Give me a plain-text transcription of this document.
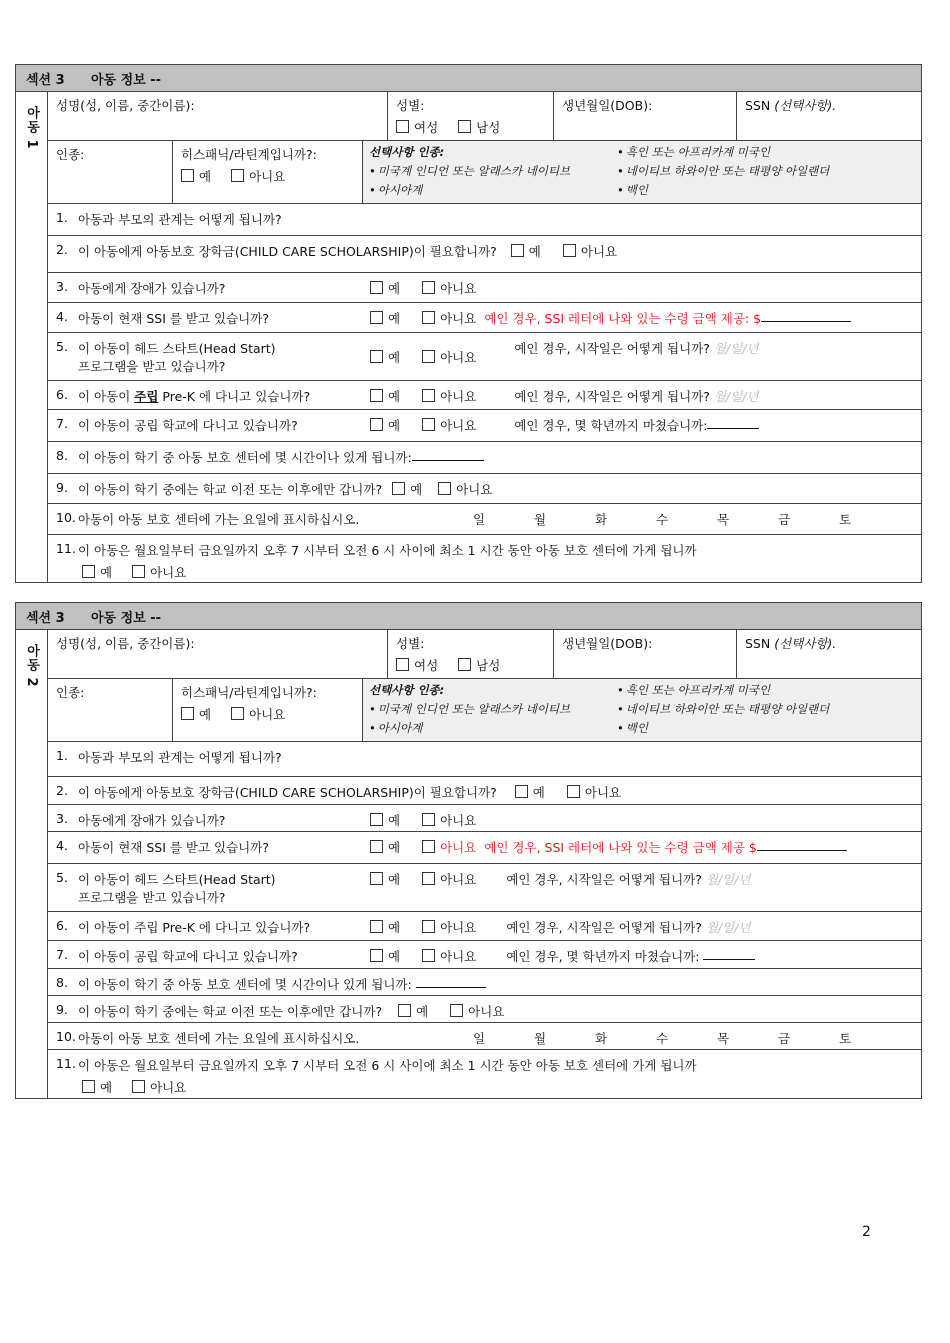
섹션 3	아동 정보 --
아동 1
성명(성, 이름, 중간이름):	성별:
여성	남성
생년월일(DOB):	SSN (선택사항).
인종:	히스패닉/라틴계입니까?:
예	아니요
선택사항 인종:	• 흑인 또는 아프리카계 미국인
• 미국계 인디언 또는 알래스카 네이티브	• 네이티브 하와이안 또는 태평양 아일랜더
• 아시아계	• 백인
1. 아동과 부모의 관계는 어떻게 됩니까?
2. 이 아동에게 아동보호 장학금(CHILD CARE SCHOLARSHIP)이 필요합니까?	예	아니요
3. 아동에게 장애가 있습니까?	예	아니요
4. 아동이 현재 SSI 를 받고 있습니까?	예	아니요 예인 경우, SSI 레터에 나와 있는 수령 금액 제공: $
5. 이 아동이 헤드 스타트(Head Start)
프로그램을 받고 있습니까?
예	아니요
예인 경우, 시작일은 어떻게 됩니까?
월/일/년
6. 이 아동이 주립 Pre-K 에 다니고 있습니까?	예	아니요	예인 경우, 시작일은 어떻게 됩니까?
월/일/년
7. 이 아동이 공립 학교에 다니고 있습니까?	예	아니요	예인 경우, 몇 학년까지 마쳤습니까:
8. 이 아동이 학기 중 아동 보호 센터에 몇 시간이나 있게 됩니까:
9. 이 아동이 학기 중에는 학교 이전 또는 이후에만 갑니까?	예	아니요
10. 아동이 아동 보호 센터에 가는 요일에 표시하십시오.	일	월	화	수	목	금	토
11. 이 아동은 월요일부터 금요일까지 오후 7 시부터 오전 6 시 사이에 최소 1 시간 동안 아동 보호 센터에 가게 됩니까
예	아니요
섹션 3	아동 정보 --
아동 2
성명(성, 이름, 중간이름):	성별:
여성	남성
생년월일(DOB):	SSN (선택사항).
인종:	히스패닉/라틴계입니까?:
예	아니요
선택사항 인종:	• 흑인 또는 아프리카계 미국인
• 미국계 인디언 또는 알래스카 네이티브	• 네이티브 하와이안 또는 태평양 아일랜더
• 아시아계	• 백인
1. 아동과 부모의 관계는 어떻게 됩니까?
2. 이 아동에게 아동보호 장학금(CHILD CARE SCHOLARSHIP)이 필요합니까?	예	아니요
3. 아동에게 장애가 있습니까?	예	아니요
4. 아동이 현재 SSI 를 받고 있습니까?	예	아니요 예인 경우, SSI 레터에 나와 있는 수령 금액 제공 $
5. 이 아동이 헤드 스타트(Head Start)
프로그램을 받고 있습니까?
예	아니요 예인 경우, 시작일은 어떻게 됩니까?
월/일/년
6. 이 아동이 주립 Pre-K 에 다니고 있습니까?	예	아니요 예인 경우, 시작일은 어떻게 됩니까?
월/일/년
7. 이 아동이 공립 학교에 다니고 있습니까?	예	아니요 예인 경우, 몇 학년까지 마쳤습니까:

8. 이 아동이 학기 중 아동 보호 센터에 몇 시간이나 있게 됩니까:

9. 이 아동이 학기 중에는 학교 이전 또는 이후에만 갑니까?	예	아니요
10. 아동이 아동 보호 센터에 가는 요일에 표시하십시오.	일	월	화	수	목	금	토
11. 이 아동은 월요일부터 금요일까지 오후 7 시부터 오전 6 시 사이에 최소 1 시간 동안 아동 보호 센터에 가게 됩니까
예	아니요
2
